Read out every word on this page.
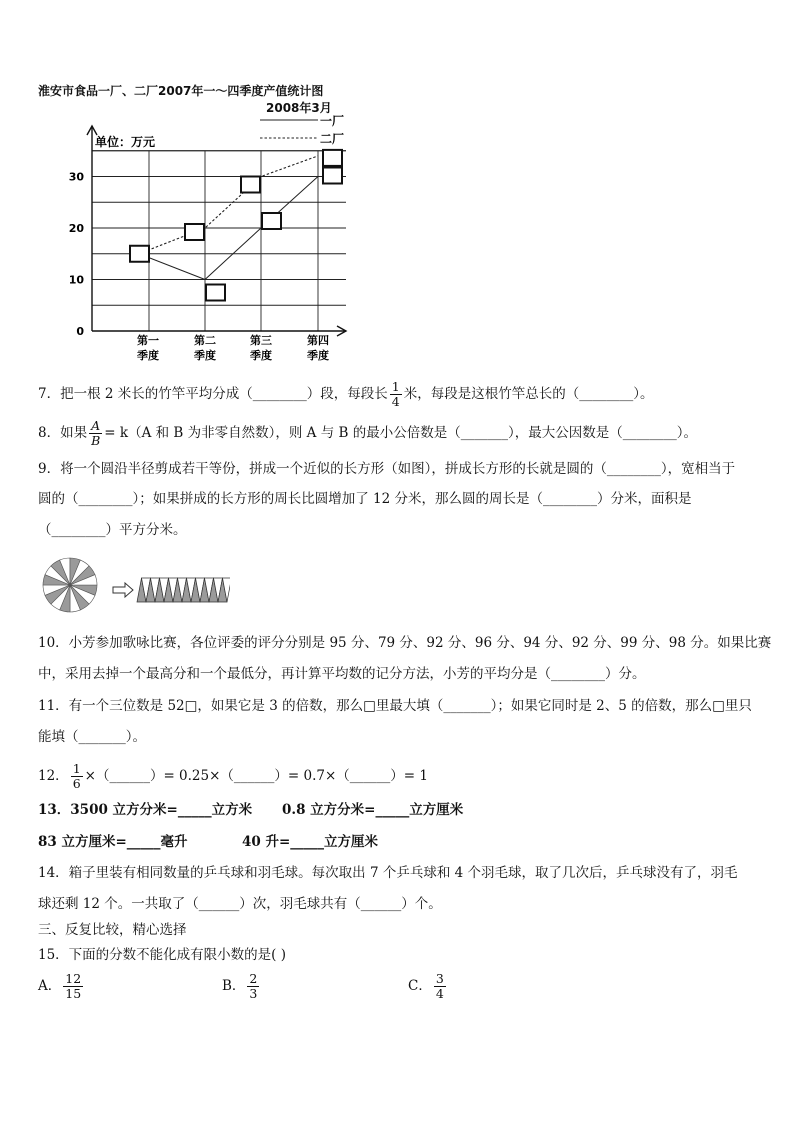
淮安市食品一厂、二厂2007年一～四季度产值统计图
2008年3月
单位：万元
0
10
20
30
第一
季度
第二
季度
第三
季度
第四
季度
一厂
二厂
7．把一根 2 米长的竹竿平均分成（________）段，每段长 $\frac{1}{4}$ 米，每段是这根竹竿总长的（________）。
8．如果 $\frac{A}{B} = k(A$ 和 B 为非零自然数），则 A 与 B 的最小公倍数是（_______），最大公因数是（________）。
9．将一个圆沿半径剪成若干等份，拼成一个近似的长方形（如图），拼成长方形的长就是圆的（________），宽相当于
圆的（________）；如果拼成的长方形的周长比圆增加了 12 分米，那么圆的周长是（________）分米，面积是
（________）平方分米。
10．小芳参加歌咏比赛，各位评委的评分分别是 95 分、79 分、92 分、96 分、94 分、92 分、99 分、98 分。如果比赛
中，采用去掉一个最高分和一个最低分，再计算平均数的记分方法，小芳的平均分是（________）分。
11．有一个三位数是 52□，如果它是 3 的倍数，那么□里最大填（_______）；如果它同时是 2、5 的倍数，那么□里只
能填（_______）。
12． $\frac{1}{6}$ ×（______）= 0.25×（______）= 0.7×（______）= 1
13．3500 立方分米=_____立方米 0.8 立方分米=_____立方厘米
83 立方厘米=_____毫升	40 升=_____立方厘米
14．箱子里装有相同数量的乒乓球和羽毛球。每次取出 7 个乒乓球和 4 个羽毛球，取了几次后，乒乓球没有了，羽毛
球还剩 12 个。一共取了（______）次，羽毛球共有（______）个。
三、反复比较，精心选择
15．下面的分数不能化成有限小数的是( )
A． $\frac{12}{15}$	B． $\frac{2}{3}$	C． $\frac{3}{4}$
